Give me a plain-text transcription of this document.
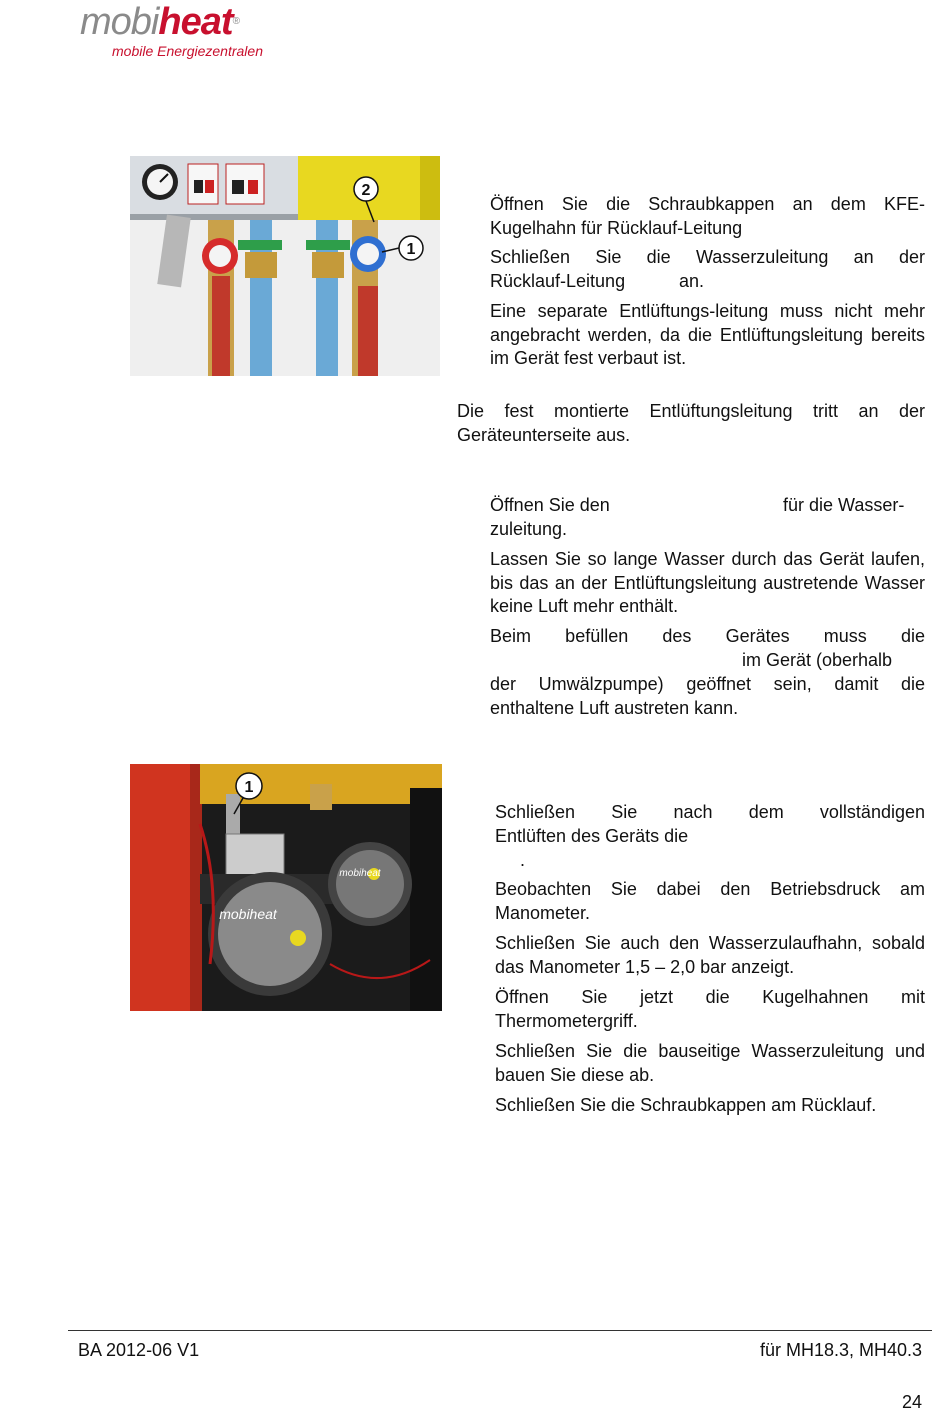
mobiheat®
mobile Energiezentralen
2
1

Öffnen Sie die Schraubkappen an dem KFE-Kugelhahn für Rücklauf-Leitung

Schließen Sie die Wasserzuleitung an der

Rücklauf-Leitung	an.

Eine separate Entlüftungs-leitung muss nicht mehr angebracht werden, da die Entlüftungsleitung bereits im Gerät fest verbaut ist.

Die fest montierte Entlüftungsleitung tritt an der Geräteunterseite aus.

Öffnen Sie den	für die Wasser-
zuleitung.

Lassen Sie so lange Wasser durch das Gerät laufen, bis das an der Entlüftungsleitung austretende Wasser keine Luft mehr enthält.

Beim befüllen des Gerätes muss die

im Gerät (oberhalb

der Umwälzpumpe) geöffnet sein, damit die enthaltene Luft austreten kann.

mobiheat
mobiheat
1

Schließen Sie nach dem vollständigen

Entlüften des Geräts die
.

Beobachten Sie dabei den Betriebsdruck am Manometer.

Schließen Sie auch den Wasserzulaufhahn, sobald das Manometer 1,5 – 2,0 bar anzeigt.

Öffnen Sie jetzt die Kugelhahnen mit Thermometergriff.

Schließen Sie die bauseitige Wasserzuleitung und bauen Sie diese ab.

Schließen Sie die Schraubkappen am Rücklauf.

BA 2012-06 V1	für MH18.3, MH40.3
24
